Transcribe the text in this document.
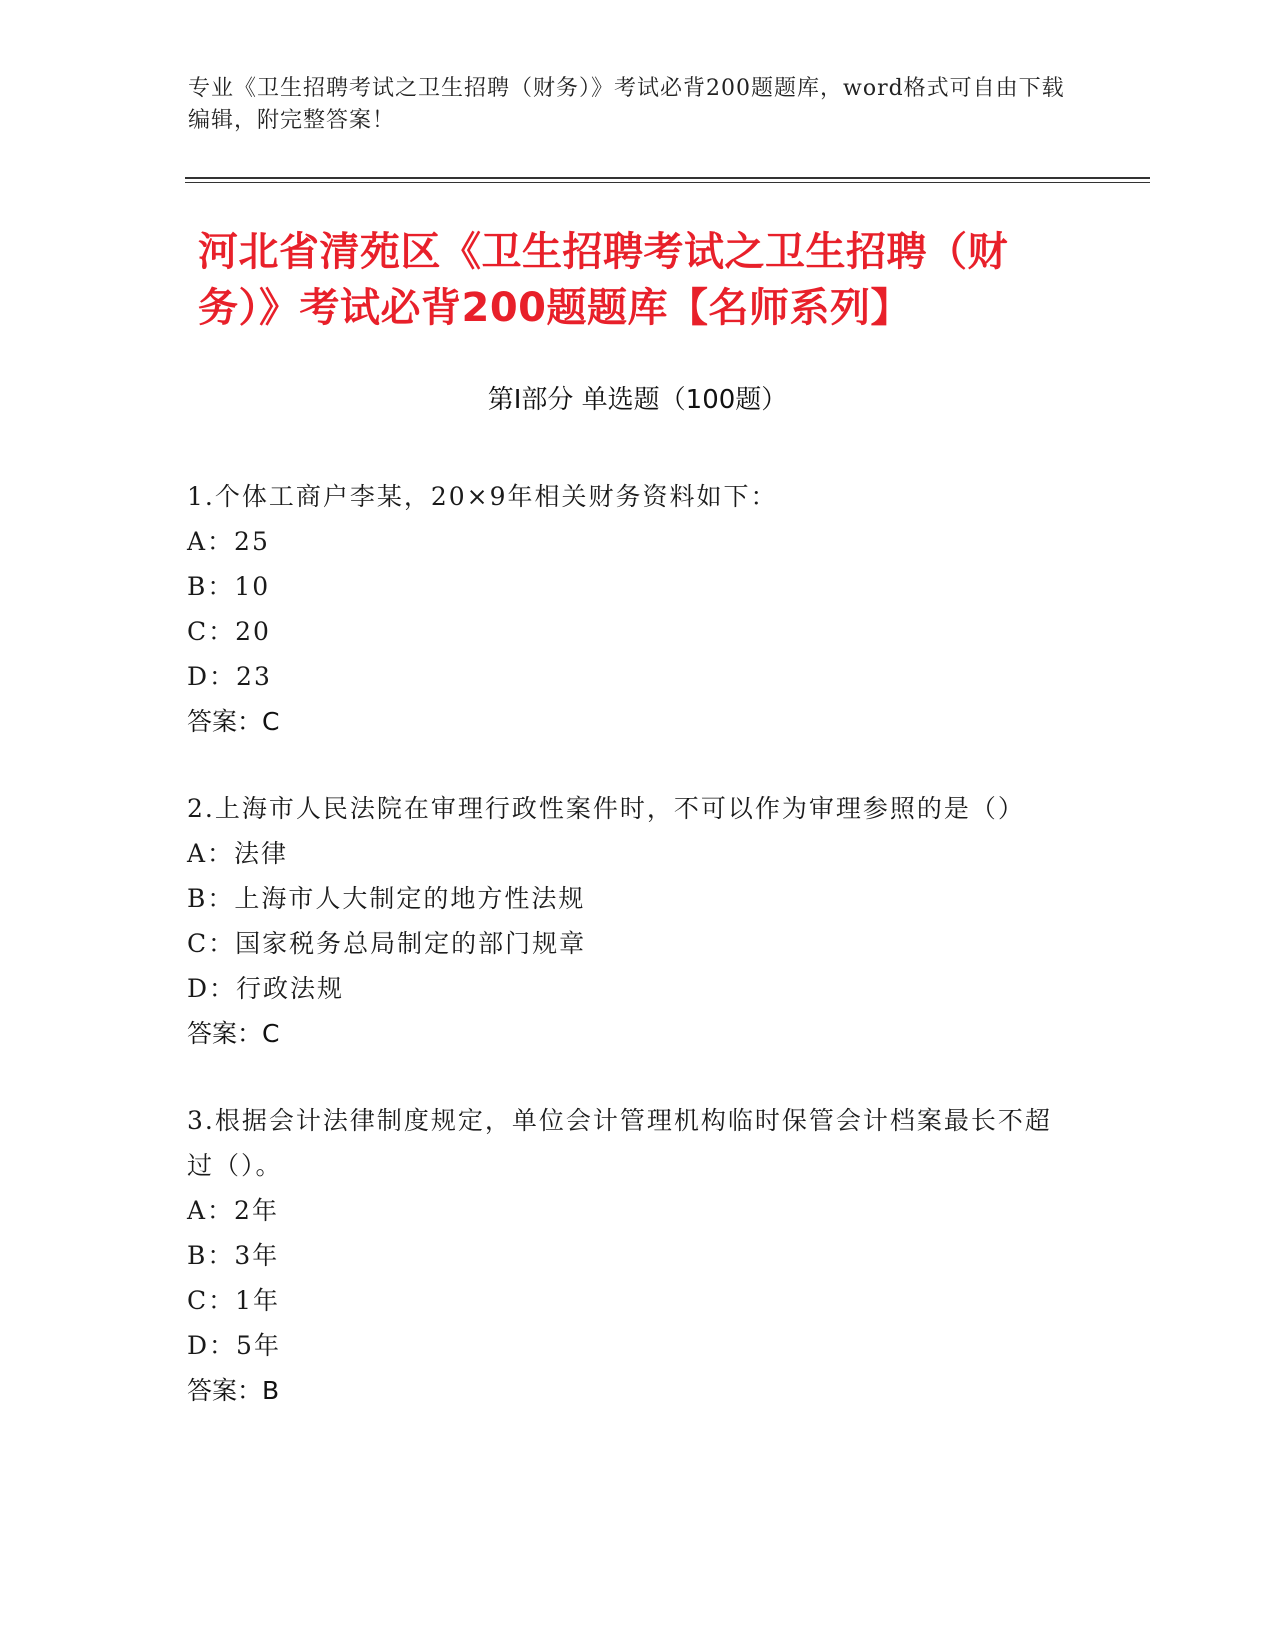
专业《卫生招聘考试之卫生招聘（财务）》考试必背200题题库，word格式可自由下载编辑，附完整答案！
河北省清苑区《卫生招聘考试之卫生招聘（财务）》考试必背200题题库【名师系列】
第Ⅰ部分 单选题（100题）
1.个体工商户李某，20×9年相关财务资料如下：
A：25
B：10
C：20
D：23
答案：C
2.上海市人民法院在审理行政性案件时，不可以作为审理参照的是（）
A：法律
B：上海市人大制定的地方性法规
C：国家税务总局制定的部门规章
D：行政法规
答案：C
3.根据会计法律制度规定，单位会计管理机构临时保管会计档案最长不超过（）。
A：2年
B：3年
C：1年
D：5年
答案：B
